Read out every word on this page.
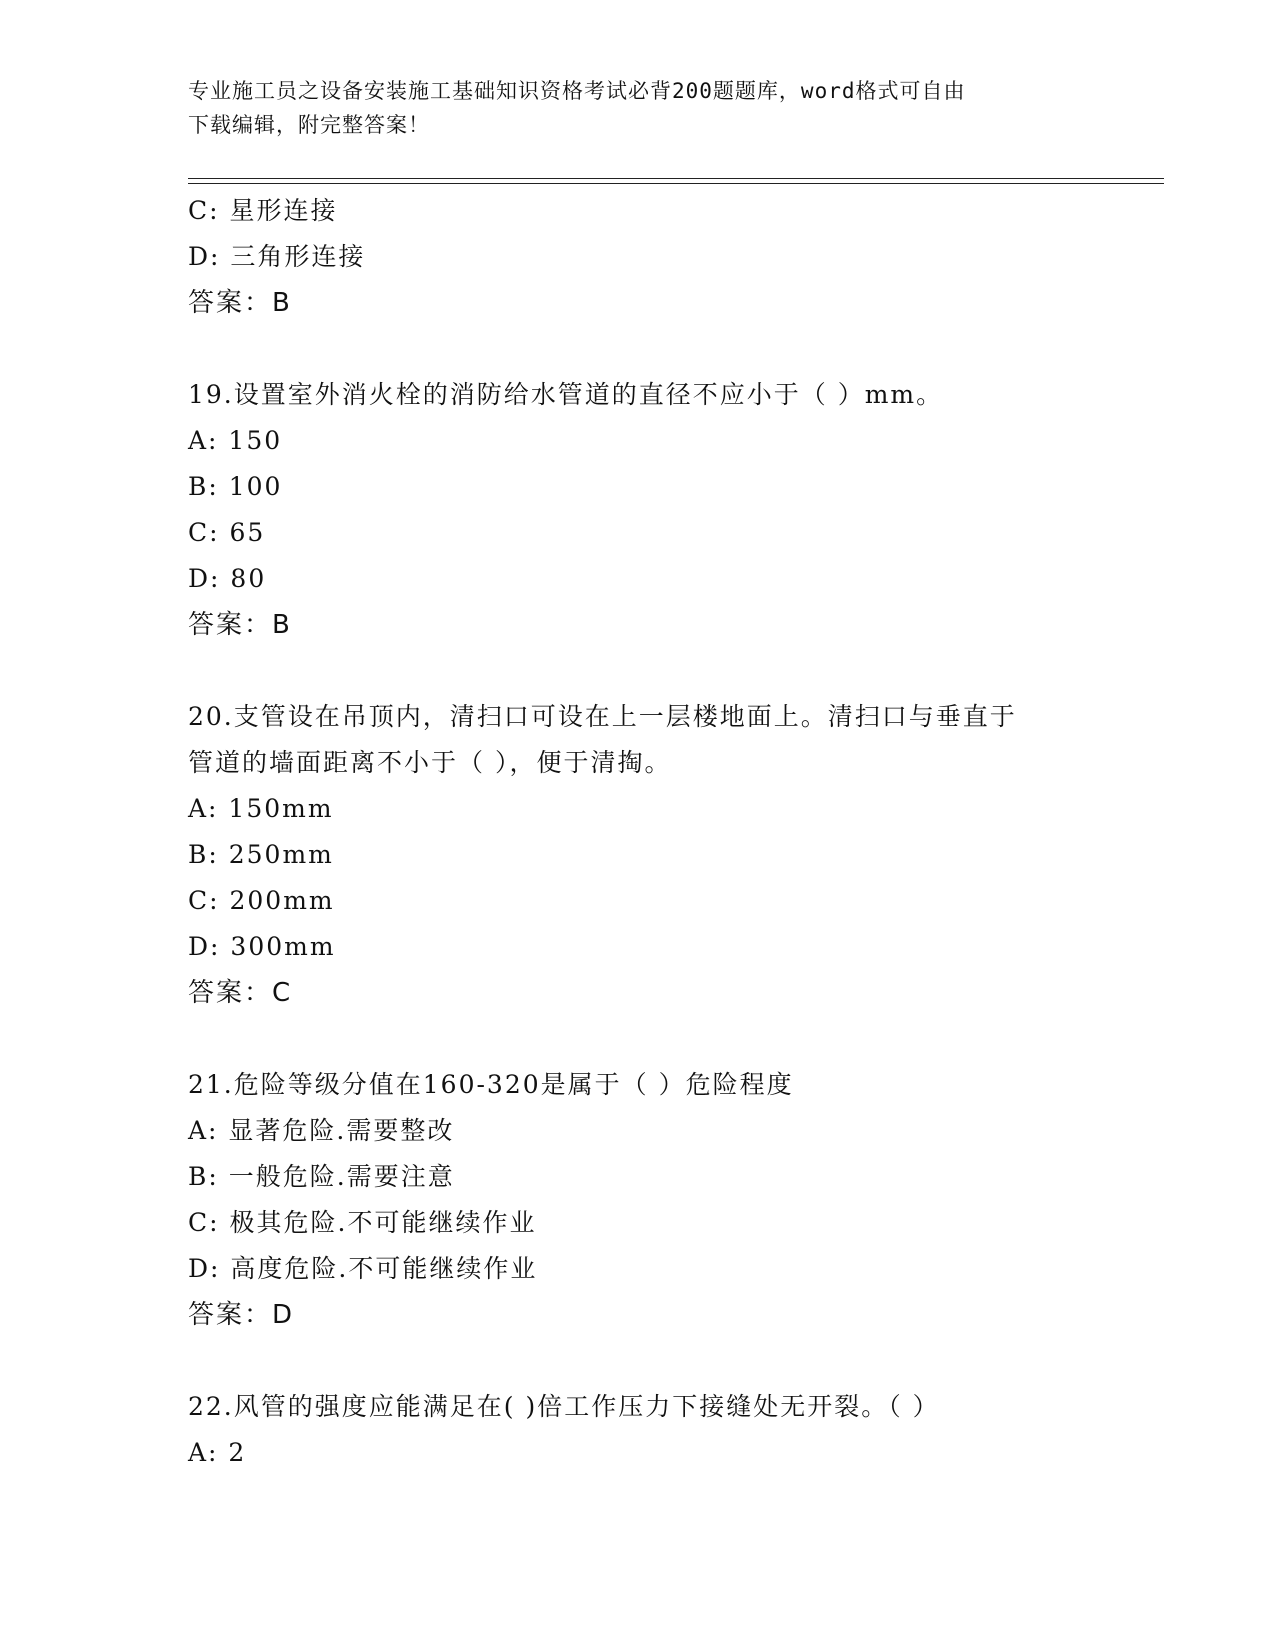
专业施工员之设备安装施工基础知识资格考试必背200题题库，word格式可自由
下载编辑，附完整答案！
C: 星形连接
D: 三角形连接
答案：B
19.设置室外消火栓的消防给水管道的直径不应小于（ ）mm。
A: 150
B: 100
C: 65
D: 80
答案：B
20.支管设在吊顶内，清扫口可设在上一层楼地面上。清扫口与垂直于
管道的墙面距离不小于（ ），便于清掏。
A: 150mm
B: 250mm
C: 200mm
D: 300mm
答案：C
21.危险等级分值在160-320是属于（ ）危险程度
A: 显著危险.需要整改
B: 一般危险.需要注意
C: 极其危险.不可能继续作业
D: 高度危险.不可能继续作业
答案：D
22.风管的强度应能满足在( )倍工作压力下接缝处无开裂。（ ）
A: 2
